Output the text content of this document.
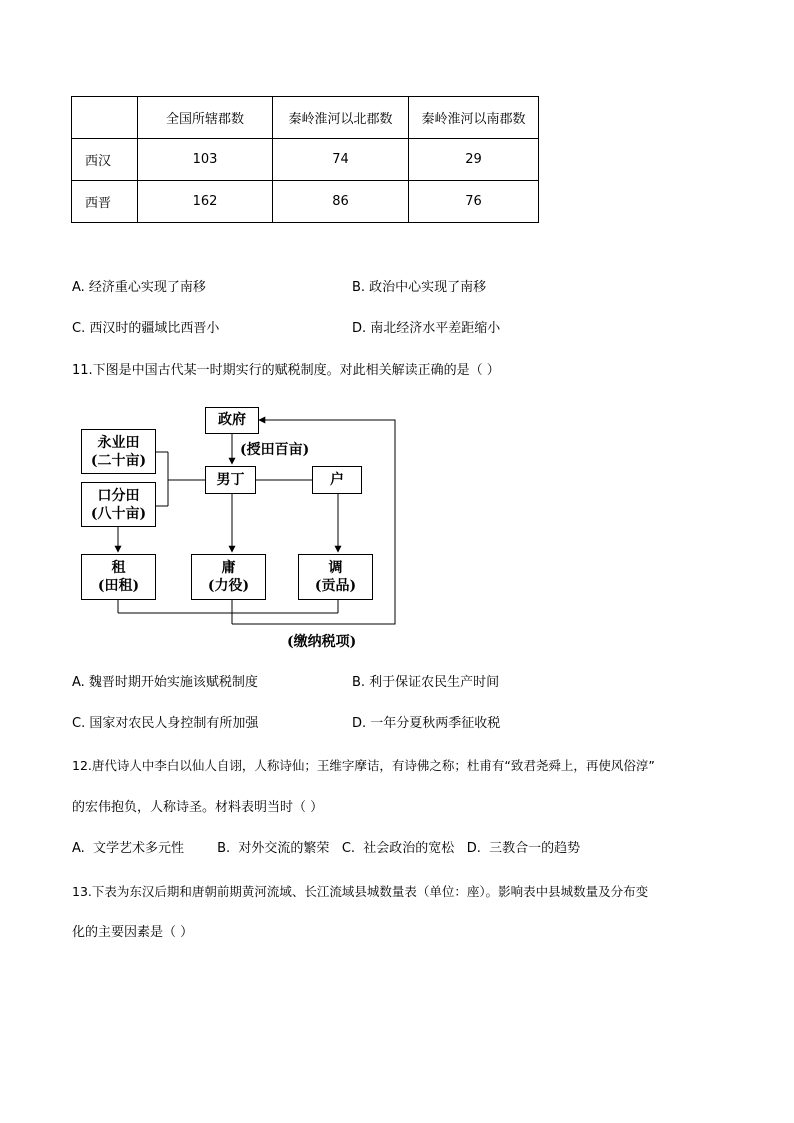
	全国所辖郡数	秦岭淮河以北郡数	秦岭淮河以南郡数
西汉	103	74	29
西晋	162	86	76
A. 经济重心实现了南移	B. 政治中心实现了南移
C. 西汉时的疆域比西晋小	D. 南北经济水平差距缩小
11.下图是中国古代某一时期实行的赋税制度。对此相关解读正确的是（ ）
政府
(授田百亩)
永业田
(二十亩)
口分田
(八十亩)
男丁	户
租
(田租)
庸
(力役)
调
(贡品)
(缴纳税项)
A. 魏晋时期开始实施该赋税制度	B. 利于保证农民生产时间
C. 国家对农民人身控制有所加强	D. 一年分夏秋两季征收税
12.唐代诗人中李白以仙人自诩，人称诗仙；王维字摩诘，有诗佛之称；杜甫有“致君尧舜上，再使风俗淳”
的宏伟抱负，人称诗圣。材料表明当时（ ）
A.  文学艺术多元性        B.  对外交流的繁荣   C.  社会政治的宽松   D.  三教合一的趋势
13.下表为东汉后期和唐朝前期黄河流域、长江流域县城数量表（单位：座）。影响表中县城数量及分布变
化的主要因素是（ ）
